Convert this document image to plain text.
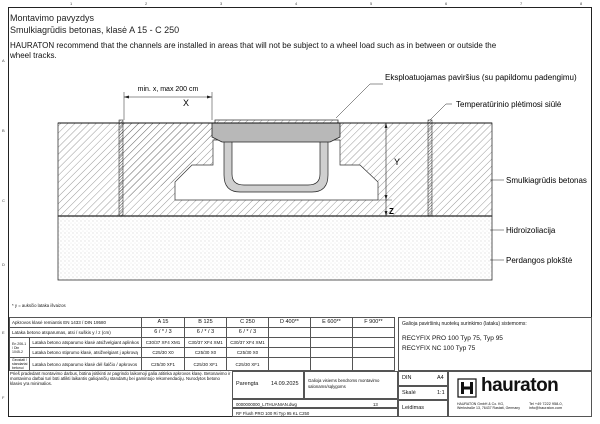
1	2	3	4	5	6	7	8
A
B
C
D
E
F
Montavimo pavyzdys
Smulkiagrūdis betonas, klasė A 15 - C 250
HAURATON recommend that the channels are installed in areas that will not be subject to a wheel load such as in between or outside the wheel tracks.
min. x, max 200 cm
X
Y
Z
Eksploatuojamas paviršius (su papildomu padengimu)
Temperatūrinio plėtimosi siūlė
Smulkiagrūdis betonas
Hidroizoliacija
Perdangos plokštė
* y = auksčio lataka išvaizos
Apkrovos klasė remiantis EN 1433 / DIN 19580		A 15	B 125	C 250	D 400**	E 600**	F 900**
Lataka betono atsparumas, atsi / suškis y / z (cm)		6 / * / 3	6 / * / 3	6 / * / 3			
En 206-1 / Din 1045-2	Lataka betono atsparumo klasė atsižvelgiant aplinkos	C30/37 XF4 XM1	C30/37 XF4 XM1	C30/37 XF4 XM1			
	Lataka betono stiprumo klasė, atsižvelgiant į apkrovą	C25/30 X0	C25/30 X0	C25/30 X0			
Geostati / standartai betonui	Lataka betono atsparumo klasė dėl šalčio / apkrovos	C25/30 XF1	C25/30 XF1	C25/30 XF1			
Galioja paviršinių nuotekų surinkimo (lataku) sistemoms:
RECYFIX PRO 100 Typ 75, Typ 95
RECYFIX NC 100 Typ 75
Prieš pradedant montavimo darbus, būtina įsitikinti ar pagrindo laikomoji galia atitinka apkrovos klasę. Betonavimo ir montavimo darbai turi būti atlikti laikantis galiojančių standartų bei gamintojo rekomendacijų. Nurodytos betono klasės yra minimalios.	Parengta 14.09.2025
Galioja visiems bendroms montavimo salonams/sąlygoms
0000000000_LITHUANIAN.dwg	13
RF Flush PRO 100 Ri Typ 95 KL C250
DIN	A4
Skalė	1:1
Leidimas
hauraton
HAURATON GmbH & Co. KG, Werkstraße 13, 76437 Rastatt, Germany
Tel +49 7222 958-0, info@hauraton.com
